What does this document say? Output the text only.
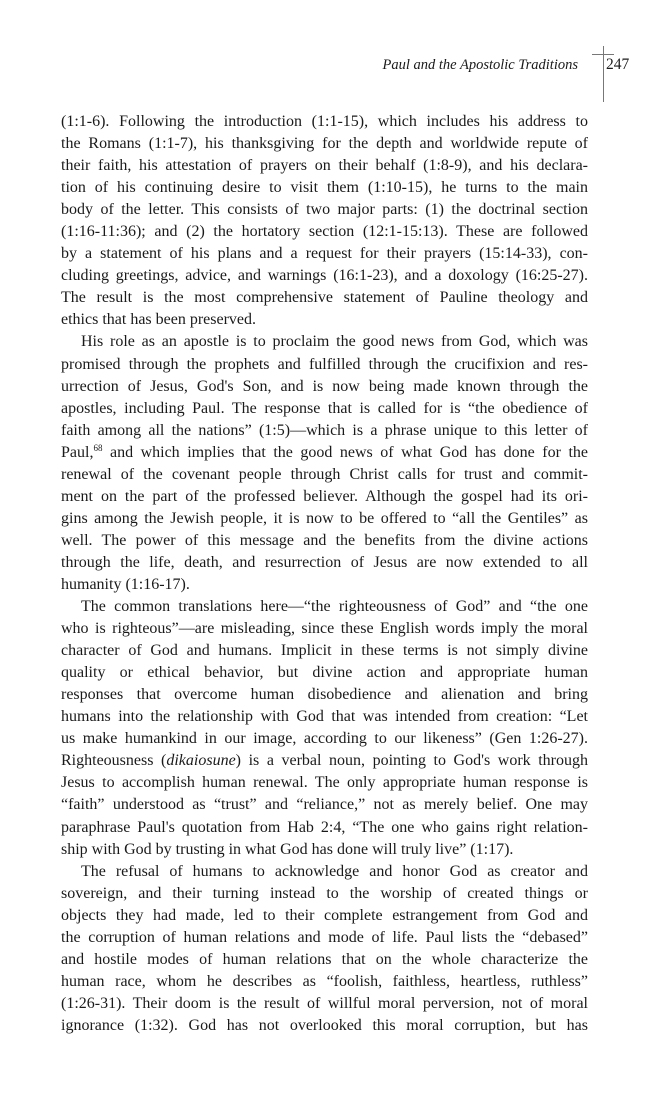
Paul and the Apostolic Traditions 247
(1:1-6). Following the introduction (1:1-15), which includes his address to
the Romans (1:1-7), his thanksgiving for the depth and worldwide repute of
their faith, his attestation of prayers on their behalf (1:8-9), and his declara-
tion of his continuing desire to visit them (1:10-15), he turns to the main
body of the letter. This consists of two major parts: (1) the doctrinal section
(1:16-11:36); and (2) the hortatory section (12:1-15:13). These are followed
by a statement of his plans and a request for their prayers (15:14-33), con-
cluding greetings, advice, and warnings (16:1-23), and a doxology (16:25-27).
The result is the most comprehensive statement of Pauline theology and
ethics that has been preserved.
His role as an apostle is to proclaim the good news from God, which was
promised through the prophets and fulfilled through the crucifixion and res-
urrection of Jesus, God's Son, and is now being made known through the
apostles, including Paul. The response that is called for is “the obedience of
faith among all the nations” (1:5)—which is a phrase unique to this letter of
Paul,$^{68}$ and which implies that the good news of what God has done for the
renewal of the covenant people through Christ calls for trust and commit-
ment on the part of the professed believer. Although the gospel had its ori-
gins among the Jewish people, it is now to be offered to “all the Gentiles” as
well. The power of this message and the benefits from the divine actions
through the life, death, and resurrection of Jesus are now extended to all
humanity (1:16-17).
The common translations here—“the righteousness of God” and “the one
who is righteous”—are misleading, since these English words imply the moral
character of God and humans. Implicit in these terms is not simply divine
quality or ethical behavior, but divine action and appropriate human
responses that overcome human disobedience and alienation and bring
humans into the relationship with God that was intended from creation: “Let
us make humankind in our image, according to our likeness” (Gen 1:26-27).
Righteousness (dikaiosune) is a verbal noun, pointing to God's work through
Jesus to accomplish human renewal. The only appropriate human response is
“faith” understood as “trust” and “reliance,” not as merely belief. One may
paraphrase Paul's quotation from Hab 2:4, “The one who gains right relation-
ship with God by trusting in what God has done will truly live” (1:17).
The refusal of humans to acknowledge and honor God as creator and
sovereign, and their turning instead to the worship of created things or
objects they had made, led to their complete estrangement from God and
the corruption of human relations and mode of life. Paul lists the “debased”
and hostile modes of human relations that on the whole characterize the
human race, whom he describes as “foolish, faithless, heartless, ruthless”
(1:26-31). Their doom is the result of willful moral perversion, not of moral
ignorance (1:32). God has not overlooked this moral corruption, but has
